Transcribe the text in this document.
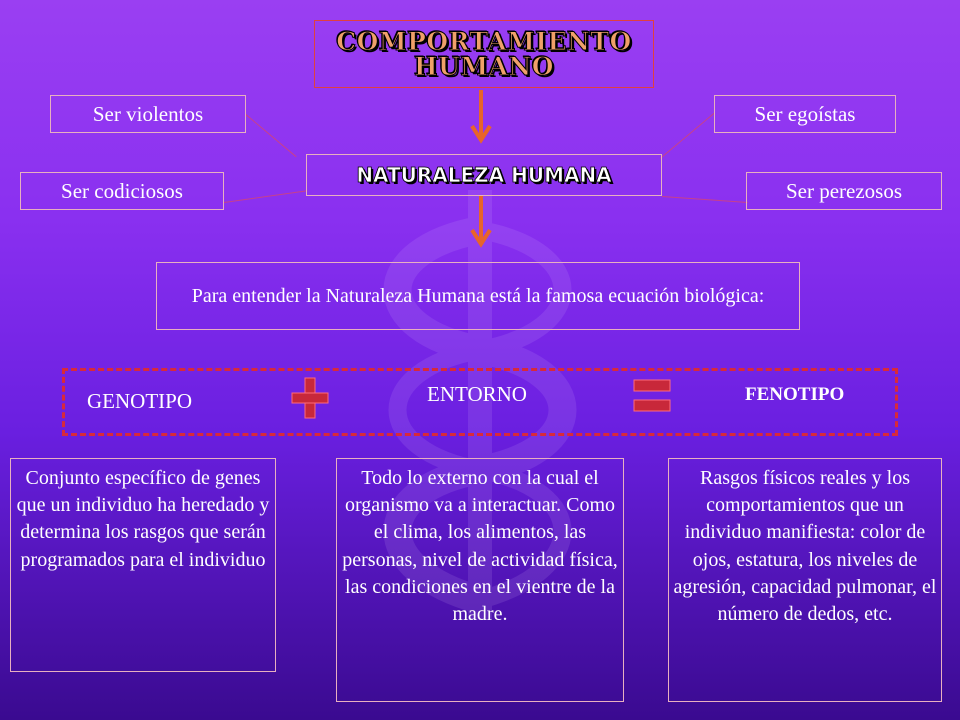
COMPORTAMIENTO
HUMANO
Ser violentos
Ser codiciosos
Ser egoístas
Ser perezosos
NATURALEZA HUMANA
Para entender la Naturaleza Humana está la famosa ecuación biológica:
GENOTIPO	ENTORNO	FENOTIPO
Conjunto específico de genes que un individuo ha heredado y determina los rasgos que serán programados para el individuo
Todo lo externo con la cual el organismo va a interactuar. Como el clima, los alimentos, las personas, nivel de actividad física, las condiciones en el vientre de la madre.
Rasgos físicos reales y los comportamientos que un individuo manifiesta: color de ojos, estatura, los niveles de agresión, capacidad pulmonar, el número de dedos, etc.
